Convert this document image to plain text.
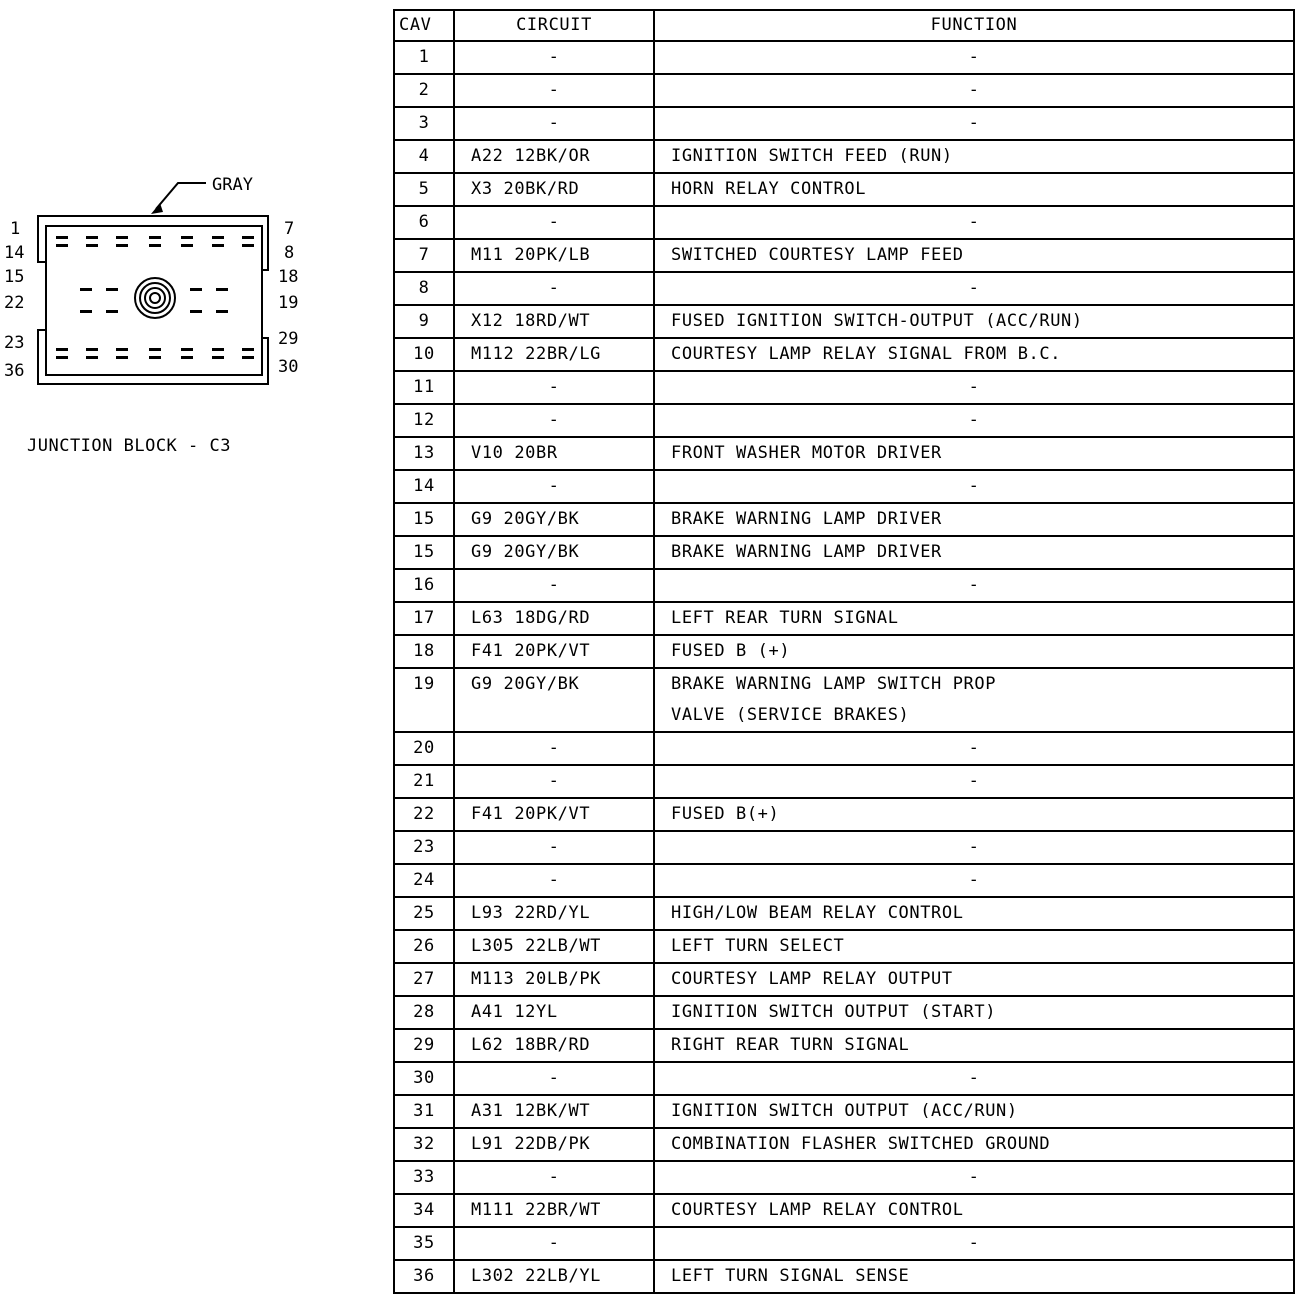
GRAY
1
14
15
22
23
36
7
8
18
19
29
30
JUNCTION BLOCK - C3
CAV	CIRCUIT	FUNCTION
1	-	-

2	-	-

3	-	-

4	A22 12BK/OR	IGNITION SWITCH FEED (RUN)

5	X3 20BK/RD	HORN RELAY CONTROL

6	-	-

7	M11 20PK/LB	SWITCHED COURTESY LAMP FEED

8	-	-

9	X12 18RD/WT	FUSED IGNITION SWITCH-OUTPUT (ACC/RUN)

10	M112 22BR/LG	COURTESY LAMP RELAY SIGNAL FROM B.C.

11	-	-

12	-	-

13	V10 20BR	FRONT WASHER MOTOR DRIVER

14	-	-

15	G9 20GY/BK	BRAKE WARNING LAMP DRIVER

15	G9 20GY/BK	BRAKE WARNING LAMP DRIVER

16	-	-

17	L63 18DG/RD	LEFT REAR TURN SIGNAL

18	F41 20PK/VT	FUSED B (+)

19	G9 20GY/BK	BRAKE WARNING LAMP SWITCH PROP
VALVE (SERVICE BRAKES)

20	-	-

21	-	-

22	F41 20PK/VT	FUSED B(+)

23	-	-

24	-	-

25	L93 22RD/YL	HIGH/LOW BEAM RELAY CONTROL

26	L305 22LB/WT	LEFT TURN SELECT

27	M113 20LB/PK	COURTESY LAMP RELAY OUTPUT

28	A41 12YL	IGNITION SWITCH OUTPUT (START)

29	L62 18BR/RD	RIGHT REAR TURN SIGNAL

30	-	-

31	A31 12BK/WT	IGNITION SWITCH OUTPUT (ACC/RUN)

32	L91 22DB/PK	COMBINATION FLASHER SWITCHED GROUND

33	-	-

34	M111 22BR/WT	COURTESY LAMP RELAY CONTROL

35	-	-

36	L302 22LB/YL	LEFT TURN SIGNAL SENSE
